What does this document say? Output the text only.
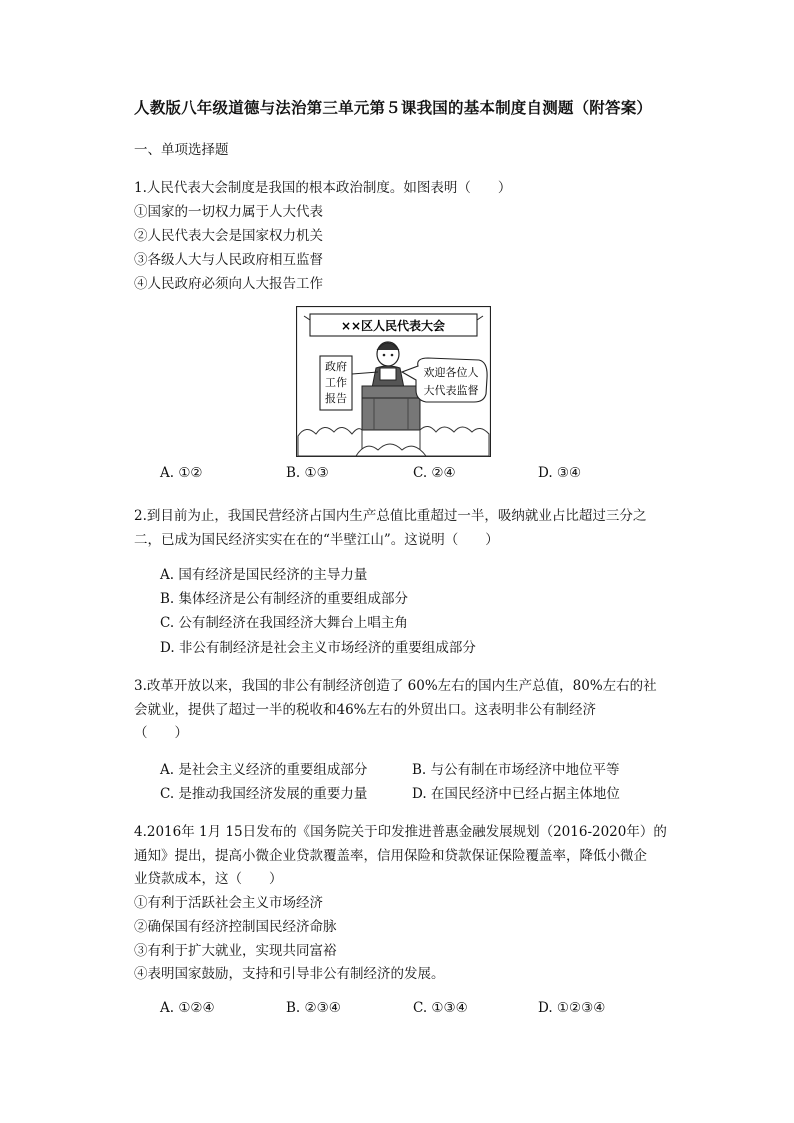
人教版八年级道德与法治第三单元第５课我国的基本制度自测题（附答案）
一、单项选择题
1.人民代表大会制度是我国的根本政治制度。如图表明（　　）
①国家的一切权力属于人大代表
②人民代表大会是国家权力机关
③各级人大与人民政府相互监督
④人民政府必须向人大报告工作
××区人民代表大会
政府
工作
报告
欢迎各位人
大代表监督
A. ①②	B. ①③	C. ②④	D. ③④
2.到目前为止，我国民营经济占国内生产总值比重超过一半，吸纳就业占比超过三分之
二，已成为国民经济实实在在的“半壁江山”。这说明（　　）
A. 国有经济是国民经济的主导力量
B. 集体经济是公有制经济的重要组成部分
C. 公有制经济在我国经济大舞台上唱主角
D. 非公有制经济是社会主义市场经济的重要组成部分
3.改革开放以来，我国的非公有制经济创造了 60%左右的国内生产总值，80%左右的社
会就业，提供了超过一半的税收和46%左右的外贸出口。这表明非公有制经济
（　　）
A. 是社会主义经济的重要组成部分	B. 与公有制在市场经济中地位平等
C. 是推动我国经济发展的重要力量	D. 在国民经济中已经占据主体地位
4.2016年 1月 15日发布的《国务院关于印发推进普惠金融发展规划（2016-2020年）的
通知》提出，提高小微企业贷款覆盖率，信用保险和贷款保证保险覆盖率，降低小微企
业贷款成本，这（　　）
①有利于活跃社会主义市场经济
②确保国有经济控制国民经济命脉
③有利于扩大就业，实现共同富裕
④表明国家鼓励，支持和引导非公有制经济的发展。
A. ①②④	B. ②③④	C. ①③④	D. ①②③④
